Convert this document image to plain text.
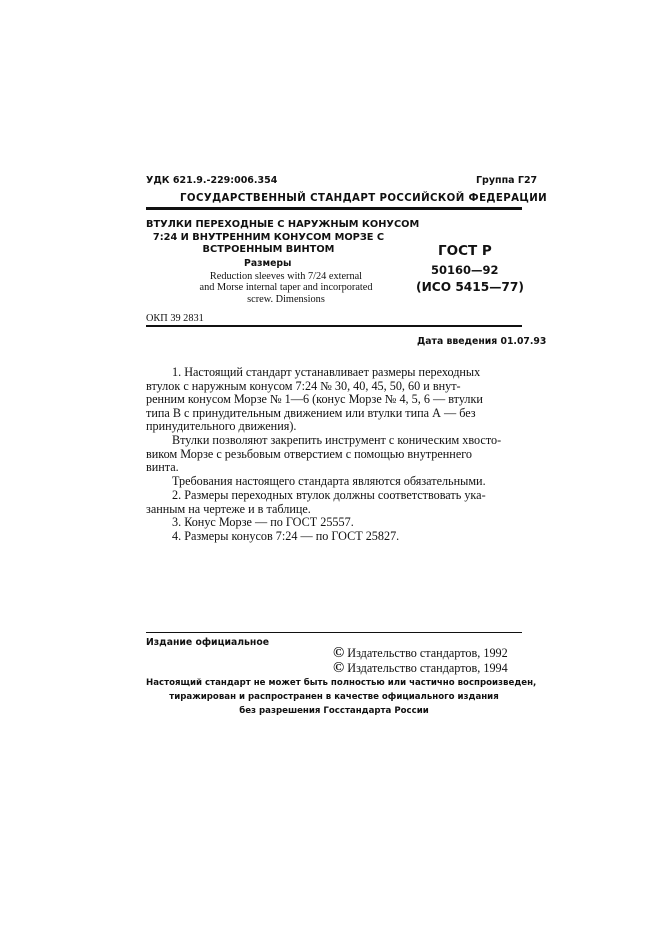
УДК 621.9.-229:006.354	Группа Г27
ГОСУДАРСТВЕННЫЙ СТАНДАРТ РОССИЙСКОЙ ФЕДЕРАЦИИ
ВТУЛКИ ПЕРЕХОДНЫЕ С НАРУЖНЫМ КОНУСОМ
7:24 И ВНУТРЕННИМ КОНУСОМ МОРЗЕ С
ВСТРОЕННЫМ ВИНТОМ
Размеры
Reduction sleeves with 7/24 external
and Morse internal taper and incorporated
screw. Dimensions
ГОСТ Р
50160—92
(ИСО 5415—77)
ОКП 39 2831
Дата введения 01.07.93
1. Настоящий стандарт устанавливает размеры переходных
втулок с наружным конусом 7:24 № 30, 40, 45, 50, 60 и внут-
ренним конусом Морзе № 1—6 (конус Морзе № 4, 5, 6 — втулки
типа В с принудительным движением или втулки типа А — без
принудительного движения).
Втулки позволяют закрепить инструмент с коническим хвосто-
виком Морзе с резьбовым отверстием с помощью внутреннего
винта.
Требования настоящего стандарта являются обязательными.
2. Размеры переходных втулок должны соответствовать ука-
занным на чертеже и в таблице.
3. Конус Морзе — по ГОСТ 25557.
4. Размеры конусов 7:24 — по ГОСТ 25827.
Издание официальное
© Издательство стандартов, 1992
© Издательство стандартов, 1994
Настоящий стандарт не может быть полностью или частично воспроизведен,
тиражирован и распространен в качестве официального издания
без разрешения Госстандарта России
